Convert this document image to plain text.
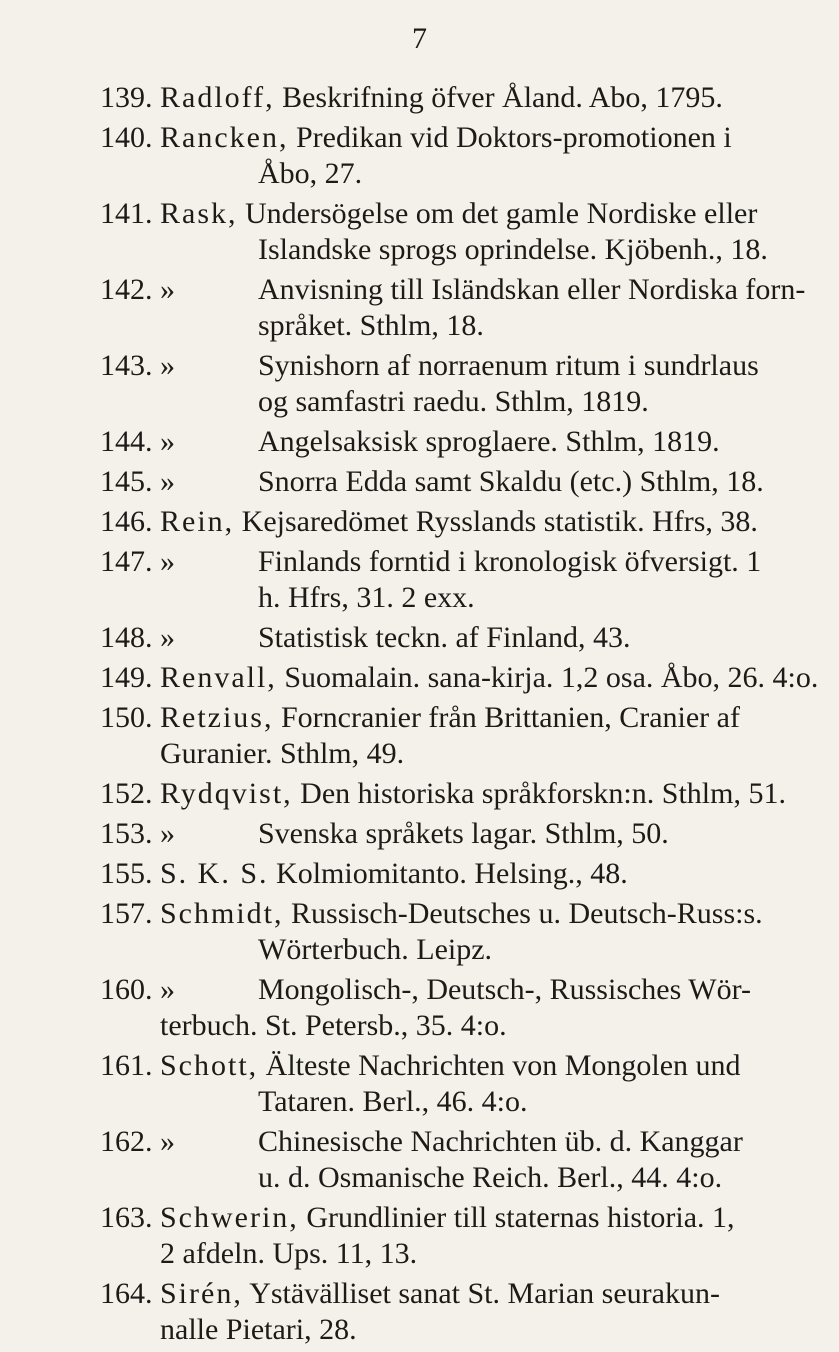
7
139. Radloff, Beskrifning öfver Åland. Abo, 1795.
140. Rancken, Predikan vid Doktors-promotionen i
Åbo, 27.
141. Rask, Undersögelse om det gamle Nordiske eller
Islandske sprogs oprindelse. Kjöbenh., 18.
142. »	Anvisning till Isländskan eller Nordiska forn-
språket. Sthlm, 18.
143. »	Synishorn af norraenum ritum i sundrlaus
og samfastri raedu. Sthlm, 1819.
144. »	Angelsaksisk sproglaere. Sthlm, 1819.
145. »	Snorra Edda samt Skaldu (etc.) Sthlm, 18.
146. Rein, Kejsaredömet Rysslands statistik. Hfrs, 38.
147. »	Finlands forntid i kronologisk öfversigt. 1
h. Hfrs, 31. 2 exx.
148. »	Statistisk teckn. af Finland, 43.
149. Renvall, Suomalain. sana-kirja. 1,2 osa. Åbo, 26. 4:o.
150. Retzius, Forncranier från Brittanien, Cranier af
Guranier. Sthlm, 49.
152. Rydqvist, Den historiska språkforskn:n. Sthlm, 51.
153. »	Svenska språkets lagar. Sthlm, 50.
155. S. K. S. Kolmiomitanto. Helsing., 48.
157. Schmidt, Russisch-Deutsches u. Deutsch-Russ:s.
Wörterbuch. Leipz.
160. »	Mongolisch-, Deutsch-, Russisches Wör-
terbuch. St. Petersb., 35. 4:o.
161. Schott, Älteste Nachrichten von Mongolen und
Tataren. Berl., 46. 4:o.
162. »	Chinesische Nachrichten üb. d. Kanggar
u. d. Osmanische Reich. Berl., 44. 4:o.
163. Schwerin, Grundlinier till staternas historia. 1,
2 afdeln. Ups. 11, 13.
164. Sirén, Ystävälliset sanat St. Marian seurakun-
nalle Pietari, 28.
